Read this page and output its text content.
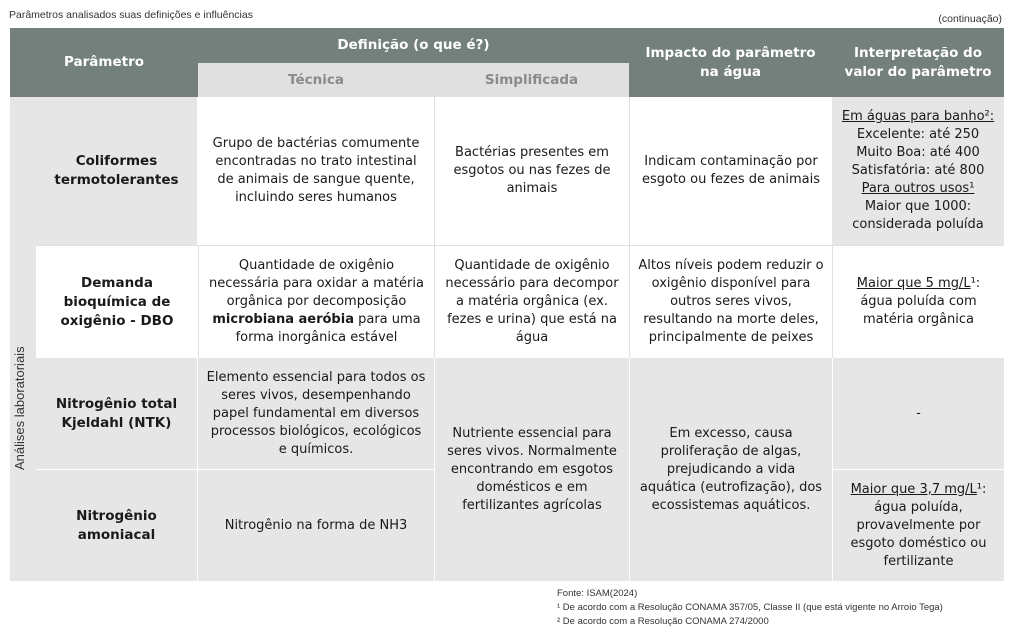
Parâmetros analisados suas definições e influências	(continuação)
Parâmetro
Definição (o que é?)
Técnica	Simplificada
Impacto do parâmetro na água
Interpretação do valor do parâmetro
Análises laboratoriais
Coliformes termotolerantes
Grupo de bactérias comumente encontradas no trato intestinal de animais de sangue quente, incluindo seres humanos
Bactérias presentes em esgotos ou nas fezes de animais
Indicam contaminação por esgoto ou fezes de animais
Em águas para banho²:
Excelente: até 250
Muito Boa: até 400
Satisfatória: até 800
Para outros usos¹
Maior que 1000:
considerada poluída
Demanda bioquímica de oxigênio - DBO
Quantidade de oxigênio necessária para oxidar a matéria orgânica por decomposição microbiana aeróbia para uma forma inorgânica estável
Quantidade de oxigênio necessário para decompor a matéria orgânica (ex. fezes e urina) que está na água
Altos níveis podem reduzir o oxigênio disponível para outros seres vivos, resultando na morte deles, principalmente de peixes
Maior que 5 mg/L¹: água poluída com matéria orgânica
Nitrogênio total Kjeldahl (NTK)
Elemento essencial para todos os seres vivos, desempenhando papel fundamental em diversos processos biológicos, ecológicos e químicos.
-
Nutriente essencial para seres vivos. Normalmente encontrando em esgotos domésticos e em fertilizantes agrícolas
Em excesso, causa proliferação de algas, prejudicando a vida aquática (eutrofização), dos ecossistemas aquáticos.
Nitrogênio amoniacal
Nitrogênio na forma de NH3
Maior que 3,7 mg/L¹: água poluída, provavelmente por esgoto doméstico ou fertilizante
Fonte: ISAM(2024)
¹ De acordo com a Resolução CONAMA 357/05, Classe II (que está vigente no Arroio Tega)
² De acordo com a Resolução CONAMA 274/2000
